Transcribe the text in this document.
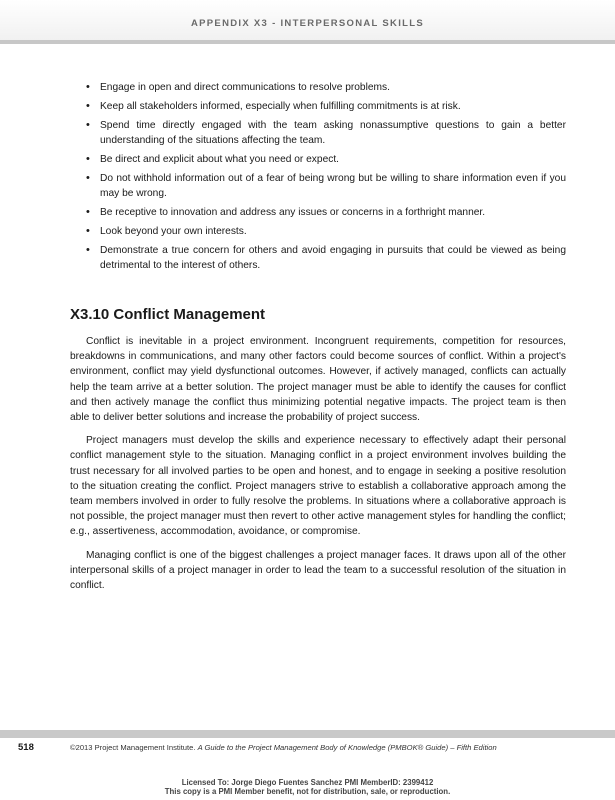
APPENDIX X3 - INTERPERSONAL SKILLS
• Engage in open and direct communications to resolve problems.
• Keep all stakeholders informed, especially when fulfilling commitments is at risk.
• Spend time directly engaged with the team asking nonassumptive questions to gain a better understanding of the situations affecting the team.
• Be direct and explicit about what you need or expect.
• Do not withhold information out of a fear of being wrong but be willing to share information even if you may be wrong.
• Be receptive to innovation and address any issues or concerns in a forthright manner.
• Look beyond your own interests.
• Demonstrate a true concern for others and avoid engaging in pursuits that could be viewed as being detrimental to the interest of others.
X3.10 Conflict Management

Conflict is inevitable in a project environment. Incongruent requirements, competition for resources, breakdowns in communications, and many other factors could become sources of conflict. Within a project's environment, conflict may yield dysfunctional outcomes. However, if actively managed, conflicts can actually help the team arrive at a better solution. The project manager must be able to identify the causes for conflict and then actively manage the conflict thus minimizing potential negative impacts. The project team is then able to deliver better solutions and increase the probability of project success.

Project managers must develop the skills and experience necessary to effectively adapt their personal conflict management style to the situation. Managing conflict in a project environment involves building the trust necessary for all involved parties to be open and honest, and to engage in seeking a positive resolution to the situation creating the conflict. Project managers strive to establish a collaborative approach among the team members involved in order to fully resolve the problems. In situations where a collaborative approach is not possible, the project manager must then revert to other active management styles for handling the conflict; e.g., assertiveness, accommodation, avoidance, or compromise.

Managing conflict is one of the biggest challenges a project manager faces. It draws upon all of the other interpersonal skills of a project manager in order to lead the team to a successful resolution of the situation in conflict.

518	©2013 Project Management Institute. A Guide to the Project Management Body of Knowledge (PMBOK® Guide) – Fifth Edition
Licensed To: Jorge Diego Fuentes Sanchez PMI MemberID: 2399412
This copy is a PMI Member benefit, not for distribution, sale, or reproduction.
